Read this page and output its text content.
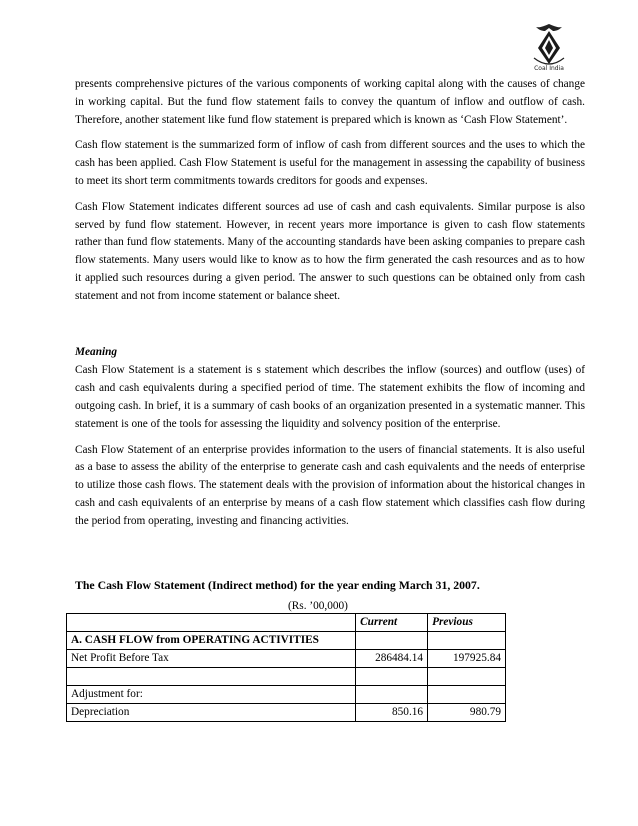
Coal India

presents comprehensive pictures of the various components of working capital along with the causes of change in working capital. But the fund flow statement fails to convey the quantum of inflow and outflow of cash. Therefore, another statement like fund flow statement is prepared which is known as ‘Cash Flow Statement’.

Cash flow statement is the summarized form of inflow of cash from different sources and the uses to which the cash has been applied. Cash Flow Statement is useful for the management in assessing the capability of business to meet its short term commitments towards creditors for goods and expenses.

Cash Flow Statement indicates different sources ad use of cash and cash equivalents. Similar purpose is also served by fund flow statement. However, in recent years more importance is given to cash flow statements rather than fund flow statements. Many of the accounting standards have been asking companies to prepare cash flow statements. Many users would like to know as to how the firm generated the cash resources and as to how it applied such resources during a given period. The answer to such questions can be obtained only from cash statement and not from income statement or balance sheet.

Meaning

Cash Flow Statement is a statement is s statement which describes the inflow (sources) and outflow (uses) of cash and cash equivalents during a specified period of time. The statement exhibits the flow of incoming and outgoing cash. In brief, it is a summary of cash books of an organization presented in a systematic manner. This statement is one of the tools for assessing the liquidity and solvency position of the enterprise.

Cash Flow Statement of an enterprise provides information to the users of financial statements. It is also useful as a base to assess the ability of the enterprise to generate cash and cash equivalents and the needs of enterprise to utilize those cash flows. The statement deals with the provision of information about the historical changes in cash and cash equivalents of an enterprise by means of a cash flow statement which classifies cash flow during the period from operating, investing and financing activities.

The Cash Flow Statement (Indirect method) for the year ending March 31, 2007.
(Rs. ’00,000)
	Current	Previous
A. CASH FLOW from OPERATING ACTIVITIES		
Net Profit Before Tax	286484.14	197925.84

Adjustment for:		
Depreciation	850.16	980.79
